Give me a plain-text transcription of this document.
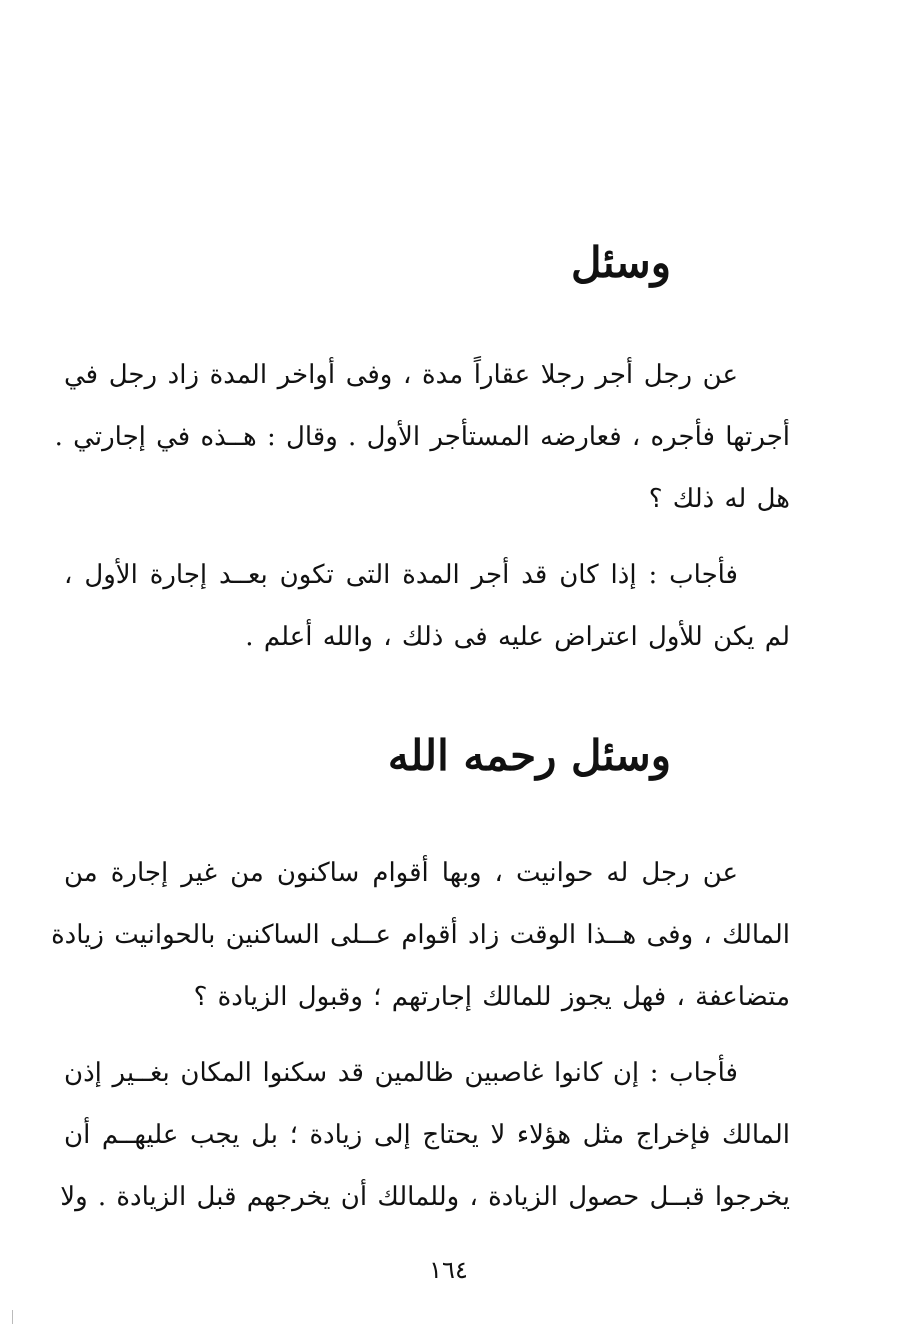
وسئل
عن رجل أجر رجلا عقاراً مدة ، وفى أواخر المدة زاد رجل في
أجرتها فأجره ، فعارضه المستأجر الأول . وقال : هــذه في إجارتي .
هل له ذلك ؟
فأجاب : إذا كان قد أجر المدة التى تكون بعــد إجارة الأول ،
لم يكن للأول اعتراض عليه فى ذلك ، والله أعلم .
وسئل رحمه الله
عن رجل له حوانيت ، وبها أقوام ساكنون من غير إجارة من
المالك ، وفى هــذا الوقت زاد أقوام عــلى الساكنين بالحوانيت زيادة
متضاعفة ، فهل يجوز للمالك إجارتهم ؛ وقبول الزيادة ؟
فأجاب : إن كانوا غاصبين ظالمين قد سكنوا المكان بغــير إذن
المالك فإخراج مثل هؤلاء لا يحتاج إلى زيادة ؛ بل يجب عليهــم أن
يخرجوا قبــل حصول الزيادة ، وللمالك أن يخرجهم قبل الزيادة . ولا
١٦٤
